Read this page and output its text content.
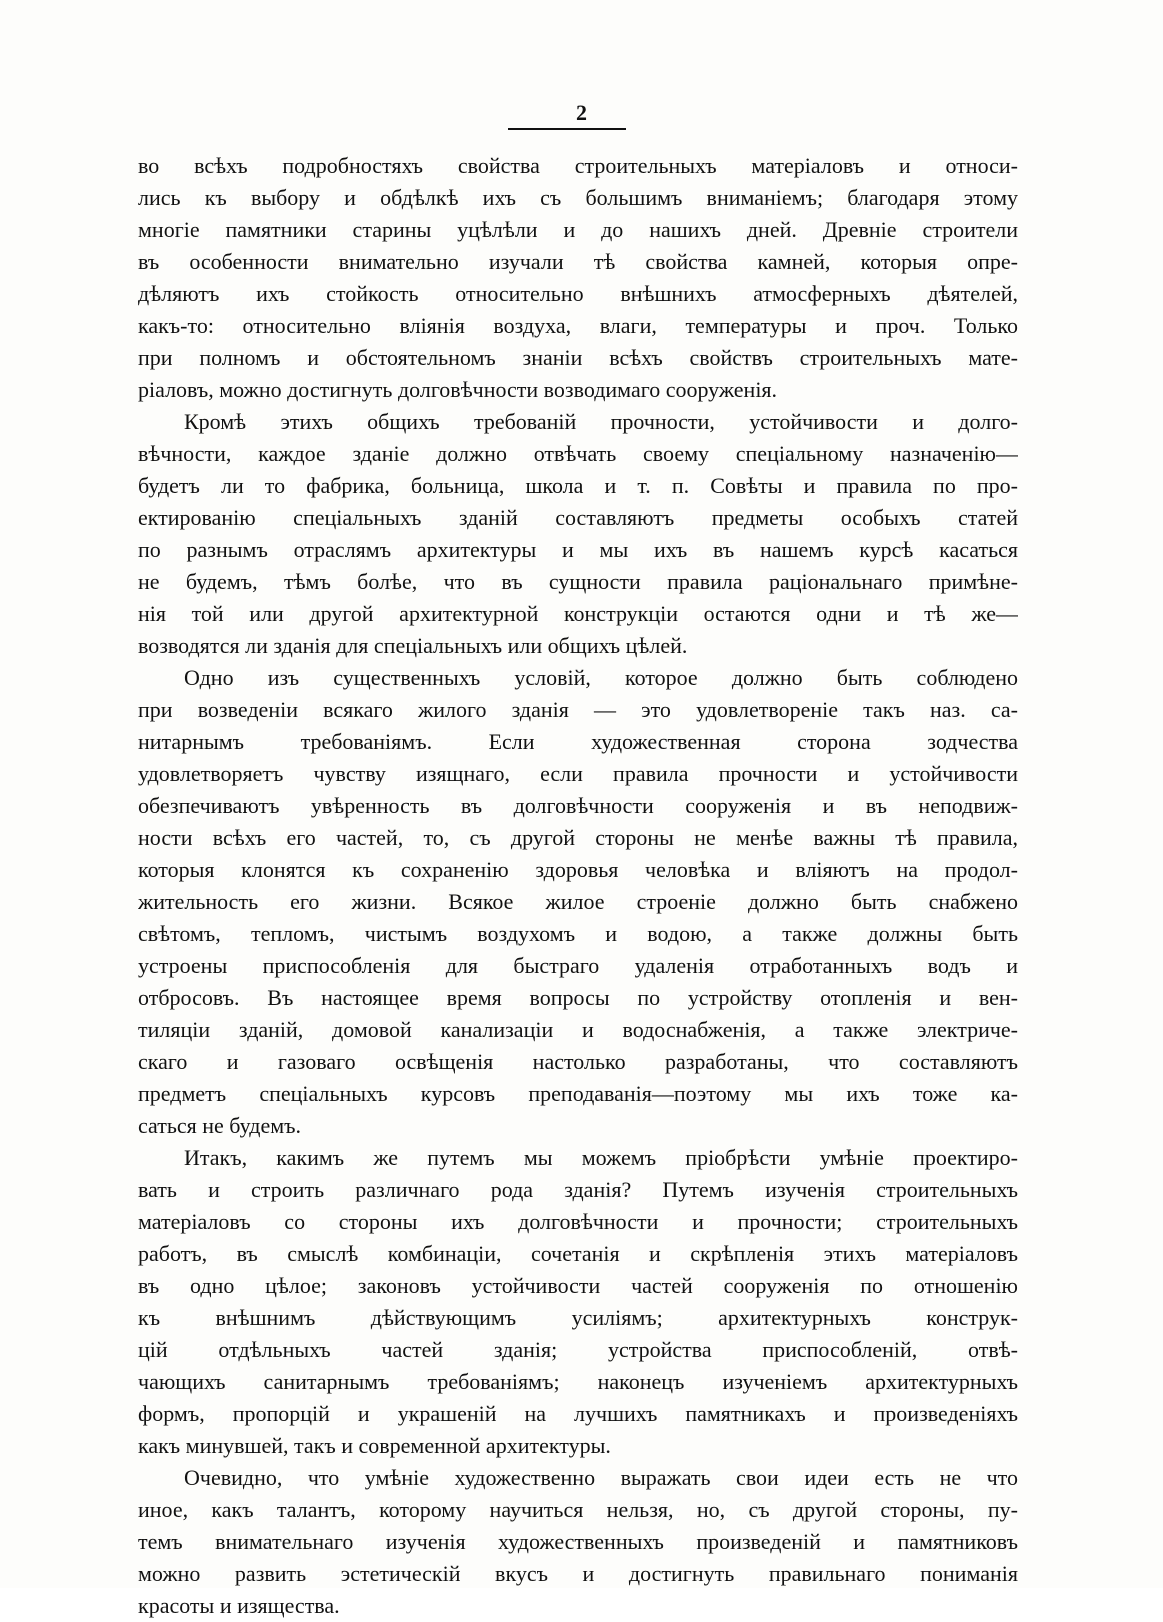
2
во всѣхъ подробностяхъ свойства строительныхъ матеріаловъ и относи-
лись къ выбору и обдѣлкѣ ихъ съ большимъ вниманіемъ; благодаря этому
многіе памятники старины уцѣлѣли и до нашихъ дней. Древніе строители
въ особенности внимательно изучали тѣ свойства камней, которыя опре-
дѣляютъ ихъ стойкость относительно внѣшнихъ атмосферныхъ дѣятелей,
какъ-то: относительно вліянія воздуха, влаги, температуры и проч. Только
при полномъ и обстоятельномъ знаніи всѣхъ свойствъ строительныхъ мате-
ріаловъ, можно достигнуть долговѣчности возводимаго сооруженія.
Кромѣ этихъ общихъ требованій прочности, устойчивости и долго-
вѣчности, каждое зданіе должно отвѣчать своему спеціальному назначенію—
будетъ ли то фабрика, больница, школа и т. п. Совѣты и правила по про-
ектированію спеціальныхъ зданій составляютъ предметы особыхъ статей
по разнымъ отраслямъ архитектуры и мы ихъ въ нашемъ курсѣ касаться
не будемъ, тѣмъ болѣе, что въ сущности правила раціональнаго примѣне-
нія той или другой архитектурной конструкціи остаются одни и тѣ же—
возводятся ли зданія для спеціальныхъ или общихъ цѣлей.
Одно изъ существенныхъ условій, которое должно быть соблюдено
при возведеніи всякаго жилого зданія — это удовлетвореніе такъ наз. са-
нитарнымъ требованіямъ. Если художественная сторона зодчества
удовлетворяетъ чувству изящнаго, если правила прочности и устойчивости
обезпечиваютъ увѣренность въ долговѣчности сооруженія и въ неподвиж-
ности всѣхъ его частей, то, съ другой стороны не менѣе важны тѣ правила,
которыя клонятся къ сохраненію здоровья человѣка и вліяютъ на продол-
жительность его жизни. Всякое жилое строеніе должно быть снабжено
свѣтомъ, тепломъ, чистымъ воздухомъ и водою, а также должны быть
устроены приспособленія для быстраго удаленія отработанныхъ водъ и
отбросовъ. Въ настоящее время вопросы по устройству отопленія и вен-
тиляціи зданій, домовой канализаціи и водоснабженія, а также электриче-
скаго и газоваго освѣщенія настолько разработаны, что составляютъ
предметъ спеціальныхъ курсовъ преподаванія—поэтому мы ихъ тоже ка-
саться не будемъ.
Итакъ, какимъ же путемъ мы можемъ пріобрѣсти умѣніе проектиро-
вать и строить различнаго рода зданія? Путемъ изученія строительныхъ
матеріаловъ со стороны ихъ долговѣчности и прочности; строительныхъ
работъ, въ смыслѣ комбинаціи, сочетанія и скрѣпленія этихъ матеріаловъ
въ одно цѣлое; законовъ устойчивости частей сооруженія по отношенію
къ внѣшнимъ дѣйствующимъ усиліямъ; архитектурныхъ конструк-
цій отдѣльныхъ частей зданія; устройства приспособленій, отвѣ-
чающихъ санитарнымъ требованіямъ; наконецъ изученіемъ архитектурныхъ
формъ, пропорцій и украшеній на лучшихъ памятникахъ и произведеніяхъ
какъ минувшей, такъ и современной архитектуры.
Очевидно, что умѣніе художественно выражать свои идеи есть не что
иное, какъ талантъ, которому научиться нельзя, но, съ другой стороны, пу-
темъ внимательнаго изученія художественныхъ произведеній и памятниковъ
можно развить эстетическій вкусъ и достигнуть правильнаго пониманія
красоты и изящества.
